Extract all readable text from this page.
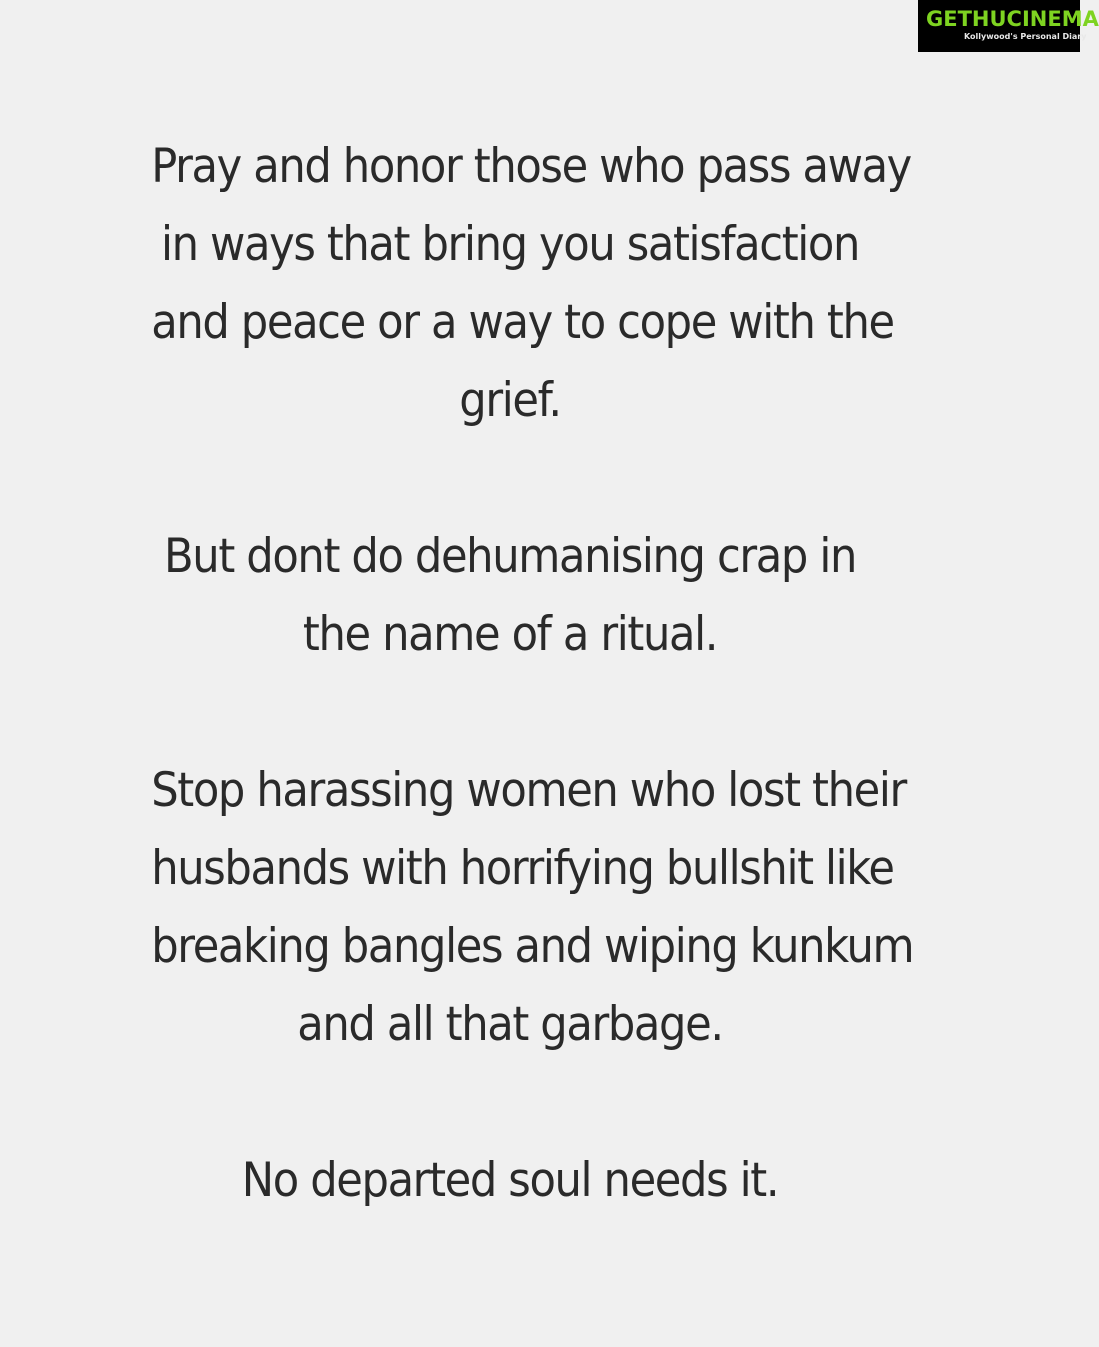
GETHUCINEMA
Kollywood's Personal Diary

Pray and honor those who pass away
in ways that bring you satisfaction
and peace or a way to cope with the
grief.

But dont do dehumanising crap in
the name of a ritual.

Stop harassing women who lost their
husbands with horrifying bullshit like
breaking bangles and wiping kunkum
and all that garbage.

No departed soul needs it.
